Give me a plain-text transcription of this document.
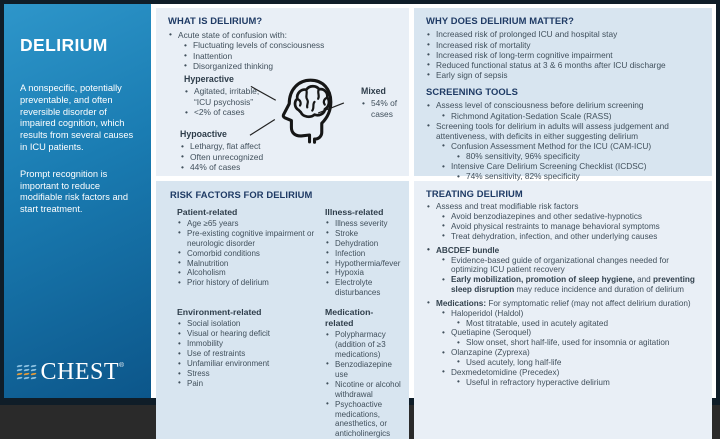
DELIRIUM

A nonspecific, potentially preventable, and often reversible disorder of impaired cognition, which results from several causes in ICU patients.

Prompt recognition is important to reduce modifiable risk factors and start treatment.

CHEST ®
WHAT IS DELIRIUM?
• Acute state of confusion with:
• Fluctuating levels of consciousness
• Inattention
• Disorganized thinking
Hyperactive
• Agitated, irritable, “ICU psychosis”
• <2% of cases
Mixed
• 54% of cases
Hypoactive
• Lethargy, flat affect
• Often unrecognized
• 44% of cases
WHY DOES DELIRIUM MATTER?
• Increased risk of prolonged ICU and hospital stay
• Increased risk of mortality
• Increased risk of long-term cognitive impairment
• Reduced functional status at 3 & 6 months after ICU discharge
• Early sign of sepsis
SCREENING TOOLS
• Assess level of consciousness before delirium screening
• Richmond Agitation-Sedation Scale (RASS)
• Screening tools for delirium in adults will assess judgement and attentiveness, with deficits in either suggesting delirium
• Confusion Assessment Method for the ICU (CAM-ICU)
• 80% sensitivity, 96% specificity
• Intensive Care Delirium Screening Checklist (ICDSC)
• 74% sensitivity, 82% specificity
RISK FACTORS FOR DELIRIUM
Patient-related
• Age ≥65 years
• Pre-existing cognitive impairment or neurologic disorder
• Comorbid conditions
• Malnutrition
• Alcoholism
• Prior history of delirium
Illness-related
• Illness severity
• Stroke
• Dehydration
• Infection
• Hypothermia/fever
• Hypoxia
• Electrolyte disturbances
Environment-related
• Social isolation
• Visual or hearing deficit
• Immobility
• Use of restraints
• Unfamiliar environment
• Stress
• Pain
Medication-related
• Polypharmacy (addition of ≥3 medications)
• Benzodiazepine use
• Nicotine or alcohol withdrawal
• Psychoactive medications, anesthetics, or anticholinergics
TREATING DELIRIUM
• Assess and treat modifiable risk factors
• Avoid benzodiazepines and other sedative-hypnotics
• Avoid physical restraints to manage behavioral symptoms
• Treat dehydration, infection, and other underlying causes
• ABCDEF bundle
• Evidence-based guide of organizational changes needed for optimizing ICU patient recovery
• Early mobilization, promotion of sleep hygiene, and preventing sleep disruption may reduce incidence and duration of delirium
• Medications: For symptomatic relief (may not affect delirium duration)
• Haloperidol (Haldol)
• Most titratable, used in acutely agitated
• Quetiapine (Seroquel)
• Slow onset, short half-life, used for insomnia or agitation
• Olanzapine (Zyprexa)
• Used acutely, long half-life
• Dexmedetomidine (Precedex)
• Useful in refractory hyperactive delirium
